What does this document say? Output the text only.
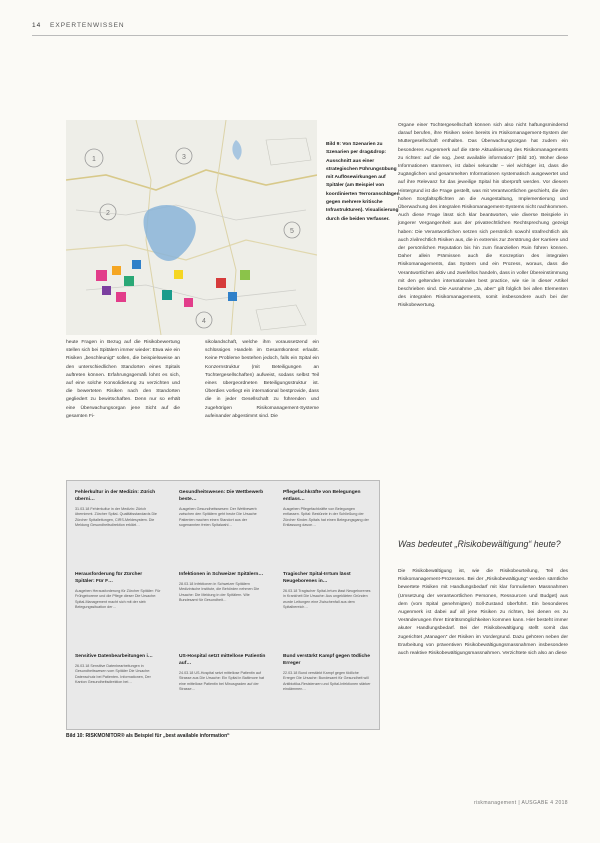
14 EXPERTENWISSEN
1
2
3
4
5
Bild 9: Von Szenarien zu Szenarien per drag&drop: Ausschnitt aus einer strategischen Führungsübung mit Auflösewirkungen auf Spitäler (am Beispiel von koordinierten Terroranschlägen gegen mehrere kritische Infrastrukturen). Visualisierung durch die beiden Verfasser.
heute Fragen in Bezug auf die Risikobewertung stellen sich bei Spitälern immer wieder: Etwa wie ein Risiken „beschleunigt“ sollen, die beispielsweise an den unterschiedlichen Standorten eines Spitals auftreten können. Erfahrungsgemäß lohnt es sich, auf eine solche Konsolidierung zu verzichten und die bewerteten Risiken nach den Standorten gegliedert zu bewirtschaften. Denn nur so erhält eine Überwachungsorgan jene Sicht auf die gesamten Fi-
sikolandschaft, welche ihm voraussetzend ein schlüssiges Handeln im Gesamtkontext erlaubt. Keine Probleme bestehen jedoch, falls ein Spital ein Konzernstruktur (mit Beteiligungen an Tochtergesellschaften) aufweist, sodass selbst Teil eines übergeordneten Beteiligungsstruktur ist. Überdies vorliegt ein international bestprovide, dass die in jeder Gesellschaft zu führenden und zugehörigen Risikomanagement-Systeme aufeinander abgestimmt sind. Die
Organe einer Tochtergesellschaft können sich also nicht haftungsmindernd darauf berufen, ihre Risiken seien bereits im Risikomanagement-System der Muttergesellschaft enthalten. Das Überwachungsorgan hat zudem ein besonderes Augenmerk auf die stete Aktualisierung des Risikomanagements zu richten: auf die sog. „best available information“ (Bild 10). Woher diese Informationen stammen, ist dabei sekundär – viel wichtiger ist, dass die zugänglichen und gesammelten Informationen systematisch ausgewertet und auf ihre Relevanz für das jeweilige Spital hin überprüft werden. Vor diesem Hintergrund ist die Frage gestellt, was mit Verantwortlichen geschieht, die den hohen Sorgfaltspflichten an die Ausgestaltung, Implementierung und Überwachung des integralen Risikomanagement-Systems nicht nachkommen. Auch diese Frage lässt sich klar beantworten, wie diverse Beispiele in jüngerer Vergangenheit aus der privatrechtlichen Rechtsprechung gezeigt haben: Die Verantwortlichen setzen sich persönlich sowohl strafrechtlich als auch zivilrechtlich Risiken aus, die in extremis zur Zerstörung der Karriere und der persönlichen Reputation bis hin zum finanziellen Ruin führen können. Daher allein Prämissen auch die Konzeption des integralen Risikomanagements, das System und ein Prozess, woraus, dass die Verantwortlichen aktiv und zweifellos handeln, dass in voller Übereinstimmung mit den geltenden internationalen best practice, wie sie in dieser Artikel beschrieben sind. Die Ausnahme „Ja, aber“ gilt folglich bei allen Elementen des integralen Risikomanagements, somit insbesondere auch bei der Risikobewertung.
Was bedeutet „Risikobewältigung“ heute?
Die Risikobewältigung ist, wie die Risikobeurteilung, Teil des Risikomanagement-Prozesses. Bei der „Risikobewältigung“ werden sämtliche bewertete Risiken mit Handlungsbedarf mit klar formulierten Massnahmen (Umsetzung der verantwortlichen Personen, Ressourcen und Budget) aus dem (vom Spital genehmigten) Soll-Zustand überführt. Ein besonderes Augenmerk ist dabei auf all jene Risiken zu richten, bei denen es zu Veränderungen Ihrer Eintrittsmöglichkeiten kommen kann. Hier besteht immer akuter Handlungsbedarf. Bei der Risikobewältigung stellt somit das zugerichtet „Managen“ der Risiken im Vordergrund. Dazu gehören neben der Erarbeitung von präventiven Risikobewältigungsmassnahmen insbesondere auch reaktive Risikobewältigungsmassnahmen. Verzichtete sich also an diese
Fehlerkultur in der Medizin: Zürich überni…
31.03.18 Fehlerkultur in der Medizin: Zürich übernimmt. Zürcher Spital- Qualitätsstandards Die Zürcher Spitalleitungen, CIRS-Meldesystem. Die Meldung Gesundheitsdirektion erklärt…
Gesundheitswesen: Die Wettbewerb beste…
Ausgeben Gesundheitswesen: Der Wettbewerb zwischen den Spitälern geht heute Die Ursache Patienten machen einen Standort aus der sogenannten freien Spitalwahl…
Pflegefachkräfte von Belegungen entlass…
Ausgeben Pflegefachkräfte von Belegungen entlassen. Spital: Bestürzte in der Schließung der Zürcher Kinder-Spitals hat einen Belegungsgang der Entlassung davon…
Herausforderung für Zürcher Spitäler: Für F…
Ausgeben Herausforderung für Zürcher Spitäler: Für Frühgeborene und die Pflege dieser Die Ursache: Spital-Management macht sich mit der sieb Belegungssituation der…
Infektionen in Schweizer Spitälern…
28.03.18 Infektionen in Schweizer Spitälern Medizinische Institute, die Behörden nehmen Die Ursache: Die Meldung in der Spitälern. Wie Bundesamt für Gesundheit…
Tragischer Spital-Irrtum lässt Neugeborenes in…
26.03.18 Tragischer Spital-Irrtum lässt Neugeborenes in Krankheit Die Ursache: Aus ungeklärten Gründen wurde Leitungen eine Zwischenfall aus dem Spitalbereich…
Sensitive Datenbearbeitungen i…
26.03.18 Sensitive Datenbearbeitungen in Gesundheitswesen vom Spitäler Die Ursache: Datenschutz bei Patienten- Informationen, Der Kanton Gesundheitsdirektion bei…
US-Hospital setzt mittellose Patientin auf…
24.03.18 US-Hospital setzt mittellose Patientin auf Strasse aus Die Ursache: Ein Spital in Baltimore hat eine mittellose Patientin bei Minusgraden auf der Strasse…
Bund verstärkt Kampf gegen tödliche Erreger
22.03.18 Bund verstärkt Kampf gegen tödliche Erreger Die Ursache: Bundesamt für Gesundheit will Antibiotika-Resistenzen und Spital-Infektionen stärker eindämmen…
Bild 10: RISKMONITOR® als Beispiel für „best available information“
riskmanagement | AUSGABE 4 2018
